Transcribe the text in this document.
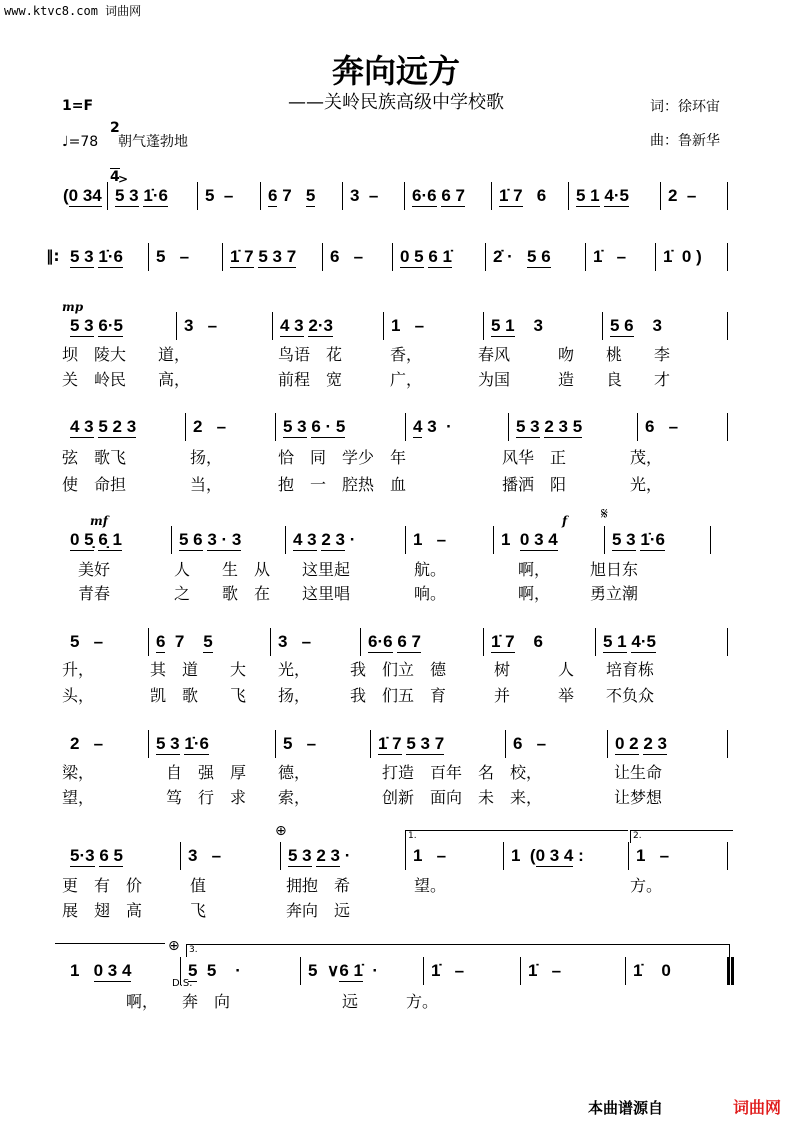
www.ktvc8.com 词曲网
奔向远方
——关岭民族高级中学校歌
1=F

2

4

♩=78 朝气蓬勃地
词：徐环宙
曲：鲁新华
(0 34 5 3 1̇·6 5  – 6 7   5 3  – 6·6 6 7 1̇ 7   6 5 1 4·5 2  –
5 3 1̇·6 5   – 1̇ 7 5 3 7 6   – 0 5 6 1̇ 2̇ ·   5 6 1̇   – 1̇  0 )
5 3 6·5	3   –	4 3 2·3	1   –	5 1    3	5 6    3
坝　陵大　　道，　　　　　　鸟语　花　　　香，　　　　春风　　　吻　　桃　　李
关　岭民　　高，　　　　　　前程　宽　　　广，　　　　为国　　　造　　良　　才
4 3 5 2 3	2   –	5 3 6 · 5	4 3  ·	5 3 2 3 5	6   –
弦　歌飞　　　　扬，　　　　恰　同　学少　年　　　　　　风华　正　　　　茂，
使　命担　　　　当，　　　　抱　一　腔热　血　　　　　　播洒　阳　　　　光，
0 5̣ 6̣ 1	5 6 3 · 3	4 3 2 3 ·	1   –	1  0 3 4	5 3 1̇·6
　美好　　　　人　　生　从　　这里起　　　　航。　　　　　啊，　　　旭日东
　青春　　　　之　　歌　在　　这里唱　　　　响。　　　　　啊，　　　勇立潮
5   –	6  7    5	3   –	6·6 6 7	1̇ 7    6	5 1 4·5
升，　　　　其　道　　大　　光，　　　我　们立　德　　　树　　　人　　培育栋
头，　　　　凯　歌　　飞　　扬，　　　我　们五　育　　　并　　　举　　不负众
2   –	5 3 1̇·6	5   –	1̇ 7 5 3 7	6   –	0 2 2 3
梁，　　　　　自　强　厚　　德，　　　　　打造　百年　名　校，　　　　　让生命
望，　　　　　笃　行　求　　索，　　　　　创新　面向　未　来，　　　　　让梦想
5·3 6 5	3   –	5 3 2 3 ·	1   –	1  (0 3 4 :	1   –
更　有　价　　　值　　　　　拥抱　希　　　　望。　　　　　　　　　　　　方。
展　翅　高　　　飞　　　　　奔向　远
1   0 3 4	5  5    ·	5  ∨6 1̇  ·	1̇   –	1̇   –	1̇    0
　　　　啊，　　奔　向　　　　　　　远　　　方。
>
‖:
mp
mf	f 𝄋
⊕
⊕
D.S.
1.	2.
3.
本曲谱源自	词曲网
